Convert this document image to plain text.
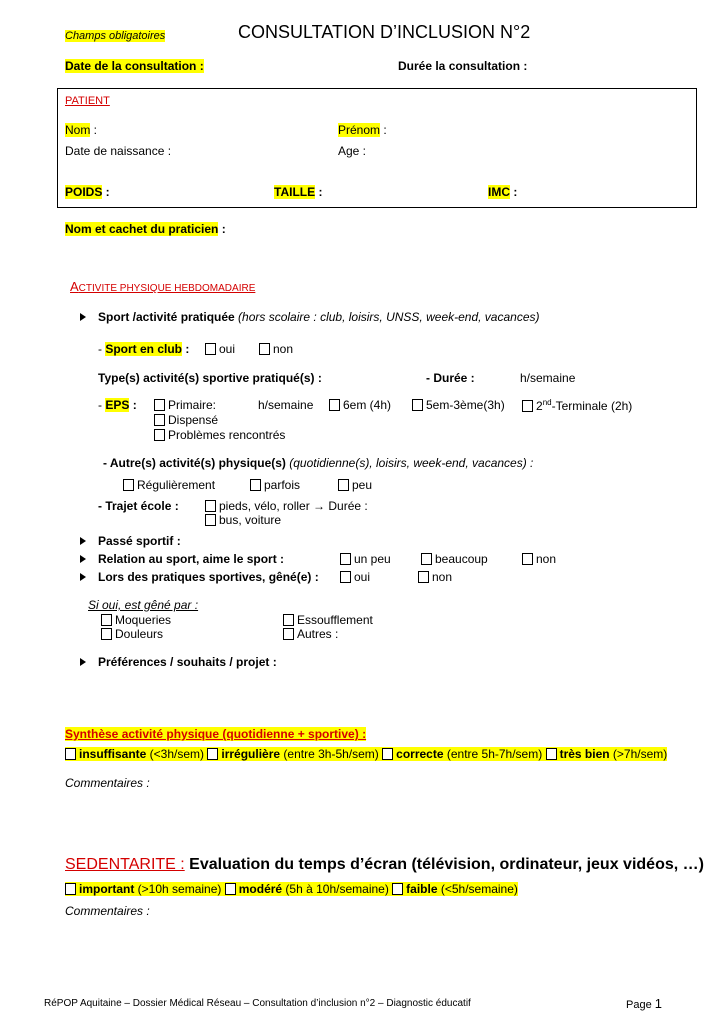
Champs obligatoires	CONSULTATION D’INCLUSION N°2
Date de la consultation :	Durée la consultation :
PATIENT
Nom :	Prénom :
Date de naissance :	Age :
POIDS :	TAILLE :	IMC :
Nom et cachet du praticien :
ACTIVITE PHYSIQUE HEBDOMADAIRE
Sport /activité pratiquée (hors scolaire : club, loisirs, UNSS, week-end, vacances)
- Sport en club :	oui	non
Type(s) activité(s) sportive pratiqué(s) :	- Durée :	h/semaine
- EPS :	Primaire:	h/semaine	6em (4h)	5em-3ème(3h)	2nd-Terminale (2h)
Dispensé
Problèmes rencontrés
- Autre(s) activité(s) physique(s) (quotidienne(s), loisirs, week-end, vacances) :
Régulièrement	parfois	peu
- Trajet école :	pieds, vélo, roller → Durée :
bus, voiture
Passé sportif :
Relation au sport, aime le sport :	un peu	beaucoup	non
Lors des pratiques sportives, gêné(e) :	oui	non
Si oui, est gêné par :
Moqueries	Essoufflement
Douleurs	Autres :
Préférences / souhaits / projet :
Synthèse activité physique (quotidienne + sportive) :
insuffisante (<3h/sem) irrégulière (entre 3h-5h/sem) correcte (entre 5h-7h/sem) très bien (>7h/sem)
Commentaires :
SEDENTARITE : Evaluation du temps d’écran (télévision, ordinateur, jeux vidéos, …)
important (>10h semaine) modéré (5h à 10h/semaine) faible (<5h/semaine)
Commentaires :
RéPOP Aquitaine – Dossier Médical Réseau – Consultation d’inclusion n°2 – Diagnostic éducatif	Page 1
